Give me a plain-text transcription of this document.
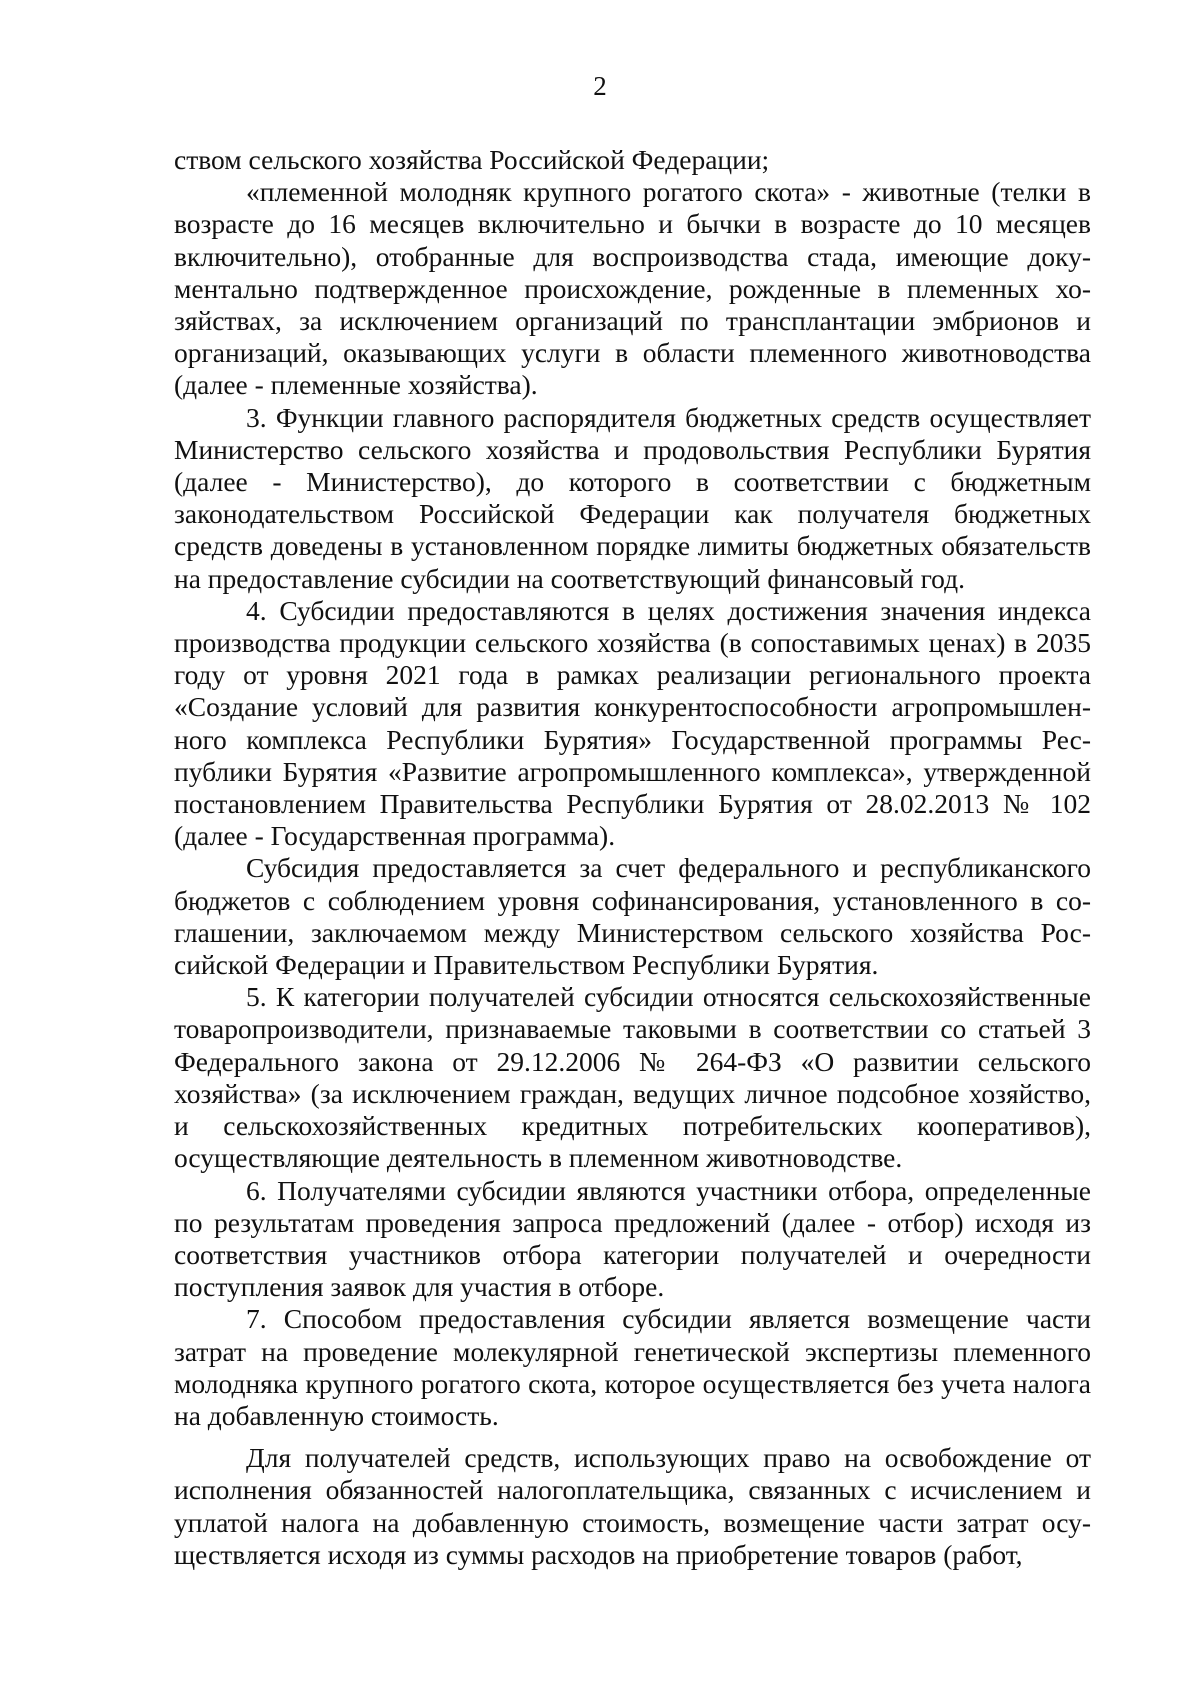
2

ством сельского хозяйства Российской Федерации;

«племенной молодняк крупного рогатого скота» - животные (телки в возрасте до 16 месяцев включительно и бычки в возрасте до 10 месяцев включительно), отобранные для воспроизводства стада, имеющие документально подтвержденное происхождение, рожденные в племенных хозяйствах, за исключением организаций по трансплантации эмбрионов и организаций, оказывающих услуги в области племенного животноводства (далее - племенные хозяйства).

3. Функции главного распорядителя бюджетных средств осуществляет Министерство сельского хозяйства и продовольствия Республики Бурятия (далее - Министерство), до которого в соответствии с бюджетным законодательством Российской Федерации как получателя бюджетных средств доведены в установленном порядке лимиты бюджетных обязательств на предоставление субсидии на соответствующий финансовый год.

4. Субсидии предоставляются в целях достижения значения индекса производства продукции сельского хозяйства (в сопоставимых ценах) в 2035 году от уровня 2021 года в рамках реализации регионального проекта «Создание условий для развития конкурентоспособности агропромышленного комплекса Республики Бурятия» Государственной программы Республики Бурятия «Развитие агропромышленного комплекса», утвержденной постановлением Правительства Республики Бурятия от 28.02.2013 № 102 (далее - Государственная программа).

Субсидия предоставляется за счет федерального и республиканского бюджетов с соблюдением уровня софинансирования, установленного в соглашении, заключаемом между Министерством сельского хозяйства Российской Федерации и Правительством Республики Бурятия.

5. К категории получателей субсидии относятся сельскохозяйственные товаропроизводители, признаваемые таковыми в соответствии со статьей 3 Федерального закона от 29.12.2006 № 264-ФЗ «О развитии сельского хозяйства» (за исключением граждан, ведущих личное подсобное хозяйство, и сельскохозяйственных кредитных потребительских кооперативов), осуществляющие деятельность в племенном животноводстве.

6. Получателями субсидии являются участники отбора, определенные по результатам проведения запроса предложений (далее - отбор) исходя из соответствия участников отбора категории получателей и очередности поступления заявок для участия в отборе.

7. Способом предоставления субсидии является возмещение части затрат на проведение молекулярной генетической экспертизы племенного молодняка крупного рогатого скота, которое осуществляется без учета налога на добавленную стоимость.

Для получателей средств, использующих право на освобождение от исполнения обязанностей налогоплательщика, связанных с исчислением и уплатой налога на добавленную стоимость, возмещение части затрат осуществляется исходя из суммы расходов на приобретение товаров (работ,
